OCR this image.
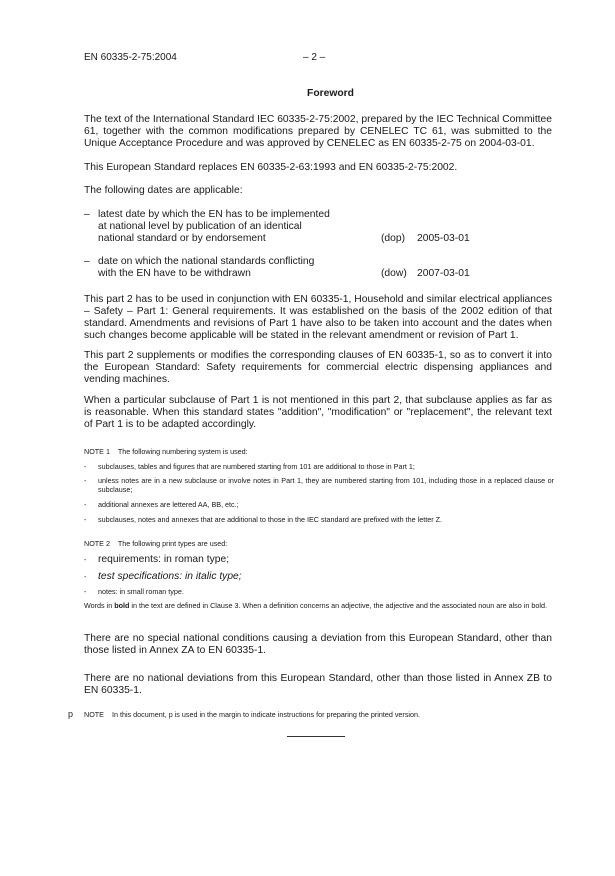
EN 60335-2-75:2004	– 2 –
Foreword
The text of the International Standard IEC 60335-2-75:2002, prepared by the IEC Technical Committee 61, together with the common modifications prepared by CENELEC TC 61, was submitted to the Unique Acceptance Procedure and was approved by CENELEC as EN 60335-2-75 on 2004-03-01.
This European Standard replaces EN 60335-2-63:1993 and EN 60335-2-75:2002.
The following dates are applicable:
– latest date by which the EN has to be implemented
at national level by publication of an identical
national standard or by endorsement	(dop) 2005-03-01
– date on which the national standards conflicting
with the EN have to be withdrawn	(dow) 2007-03-01
This part 2 has to be used in conjunction with EN 60335-1, Household and similar electrical appliances – Safety – Part 1: General requirements. It was established on the basis of the 2002 edition of that standard. Amendments and revisions of Part 1 have also to be taken into account and the dates when such changes become applicable will be stated in the relevant amendment or revision of Part 1.
This part 2 supplements or modifies the corresponding clauses of EN 60335-1, so as to convert it into the European Standard: Safety requirements for commercial electric dispensing appliances and vending machines.
When a particular subclause of Part 1 is not mentioned in this part 2, that subclause applies as far as is reasonable. When this standard states "addition", "modification" or "replacement", the relevant text of Part 1 is to be adapted accordingly.
NOTE 1 The following numbering system is used:
- subclauses, tables and figures that are numbered starting from 101 are additional to those in Part 1;
- unless notes are in a new subclause or involve notes in Part 1, they are numbered starting from 101, including those in a replaced clause or subclause;
- additional annexes are lettered AA, BB, etc.;
- subclauses, notes and annexes that are additional to those in the IEC standard are prefixed with the letter Z.
NOTE 2 The following print types are used:
- requirements: in roman type;
- test specifications: in italic type;
- notes: in small roman type.
Words in bold in the text are defined in Clause 3. When a definition concerns an adjective, the adjective and the associated noun are also in bold.
There are no special national conditions causing a deviation from this European Standard, other than those listed in Annex ZA to EN 60335-1.
There are no national deviations from this European Standard, other than those listed in Annex ZB to EN 60335-1.
p NOTE In this document, p is used in the margin to indicate instructions for preparing the printed version.
